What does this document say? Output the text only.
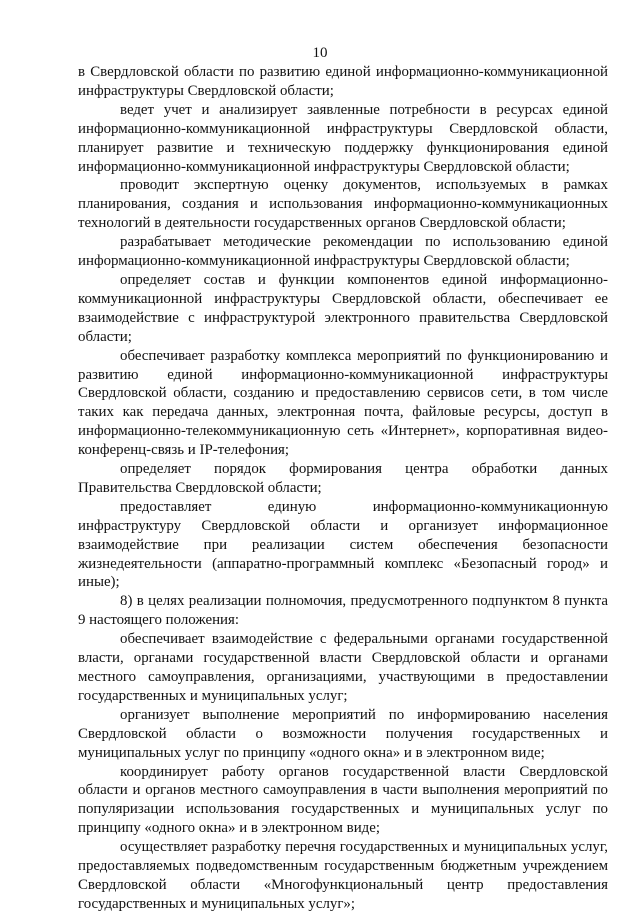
10

в Свердловской области по развитию единой информационно-коммуникационной инфраструктуры Свердловской области;

ведет учет и анализирует заявленные потребности в ресурсах единой информационно-коммуникационной инфраструктуры Свердловской области, планирует развитие и техническую поддержку функционирования единой информационно-коммуникационной инфраструктуры Свердловской области;

проводит экспертную оценку документов, используемых в рамках планирования, создания и использования информационно-коммуникационных технологий в деятельности государственных органов Свердловской области;

разрабатывает методические рекомендации по использованию единой информационно-коммуникационной инфраструктуры Свердловской области;

определяет состав и функции компонентов единой информационно-коммуникационной инфраструктуры Свердловской области, обеспечивает ее взаимодействие с инфраструктурой электронного правительства Свердловской области;

обеспечивает разработку комплекса мероприятий по функционированию и развитию единой информационно-коммуникационной инфраструктуры Свердловской области, созданию и предоставлению сервисов сети, в том числе таких как передача данных, электронная почта, файловые ресурсы, доступ в информационно-телекоммуникационную сеть «Интернет», корпоративная видео-конференц-связь и IP-телефония;

определяет порядок формирования центра обработки данных Правительства Свердловской области;

предоставляет единую информационно-коммуникационную инфраструктуру Свердловской области и организует информационное взаимодействие при реализации систем обеспечения безопасности жизнедеятельности (аппаратно-программный комплекс «Безопасный город» и иные);

8) в целях реализации полномочия, предусмотренного подпунктом 8 пункта 9 настоящего положения:

обеспечивает взаимодействие с федеральными органами государственной власти, органами государственной власти Свердловской области и органами местного самоуправления, организациями, участвующими в предоставлении государственных и муниципальных услуг;

организует выполнение мероприятий по информированию населения Свердловской области о возможности получения государственных и муниципальных услуг по принципу «одного окна» и в электронном виде;

координирует работу органов государственной власти Свердловской области и органов местного самоуправления в части выполнения мероприятий по популяризации использования государственных и муниципальных услуг по принципу «одного окна» и в электронном виде;

осуществляет разработку перечня государственных и муниципальных услуг, предоставляемых подведомственным государственным бюджетным учреждением Свердловской области «Многофункциональный центр предоставления государственных и муниципальных услуг»;
